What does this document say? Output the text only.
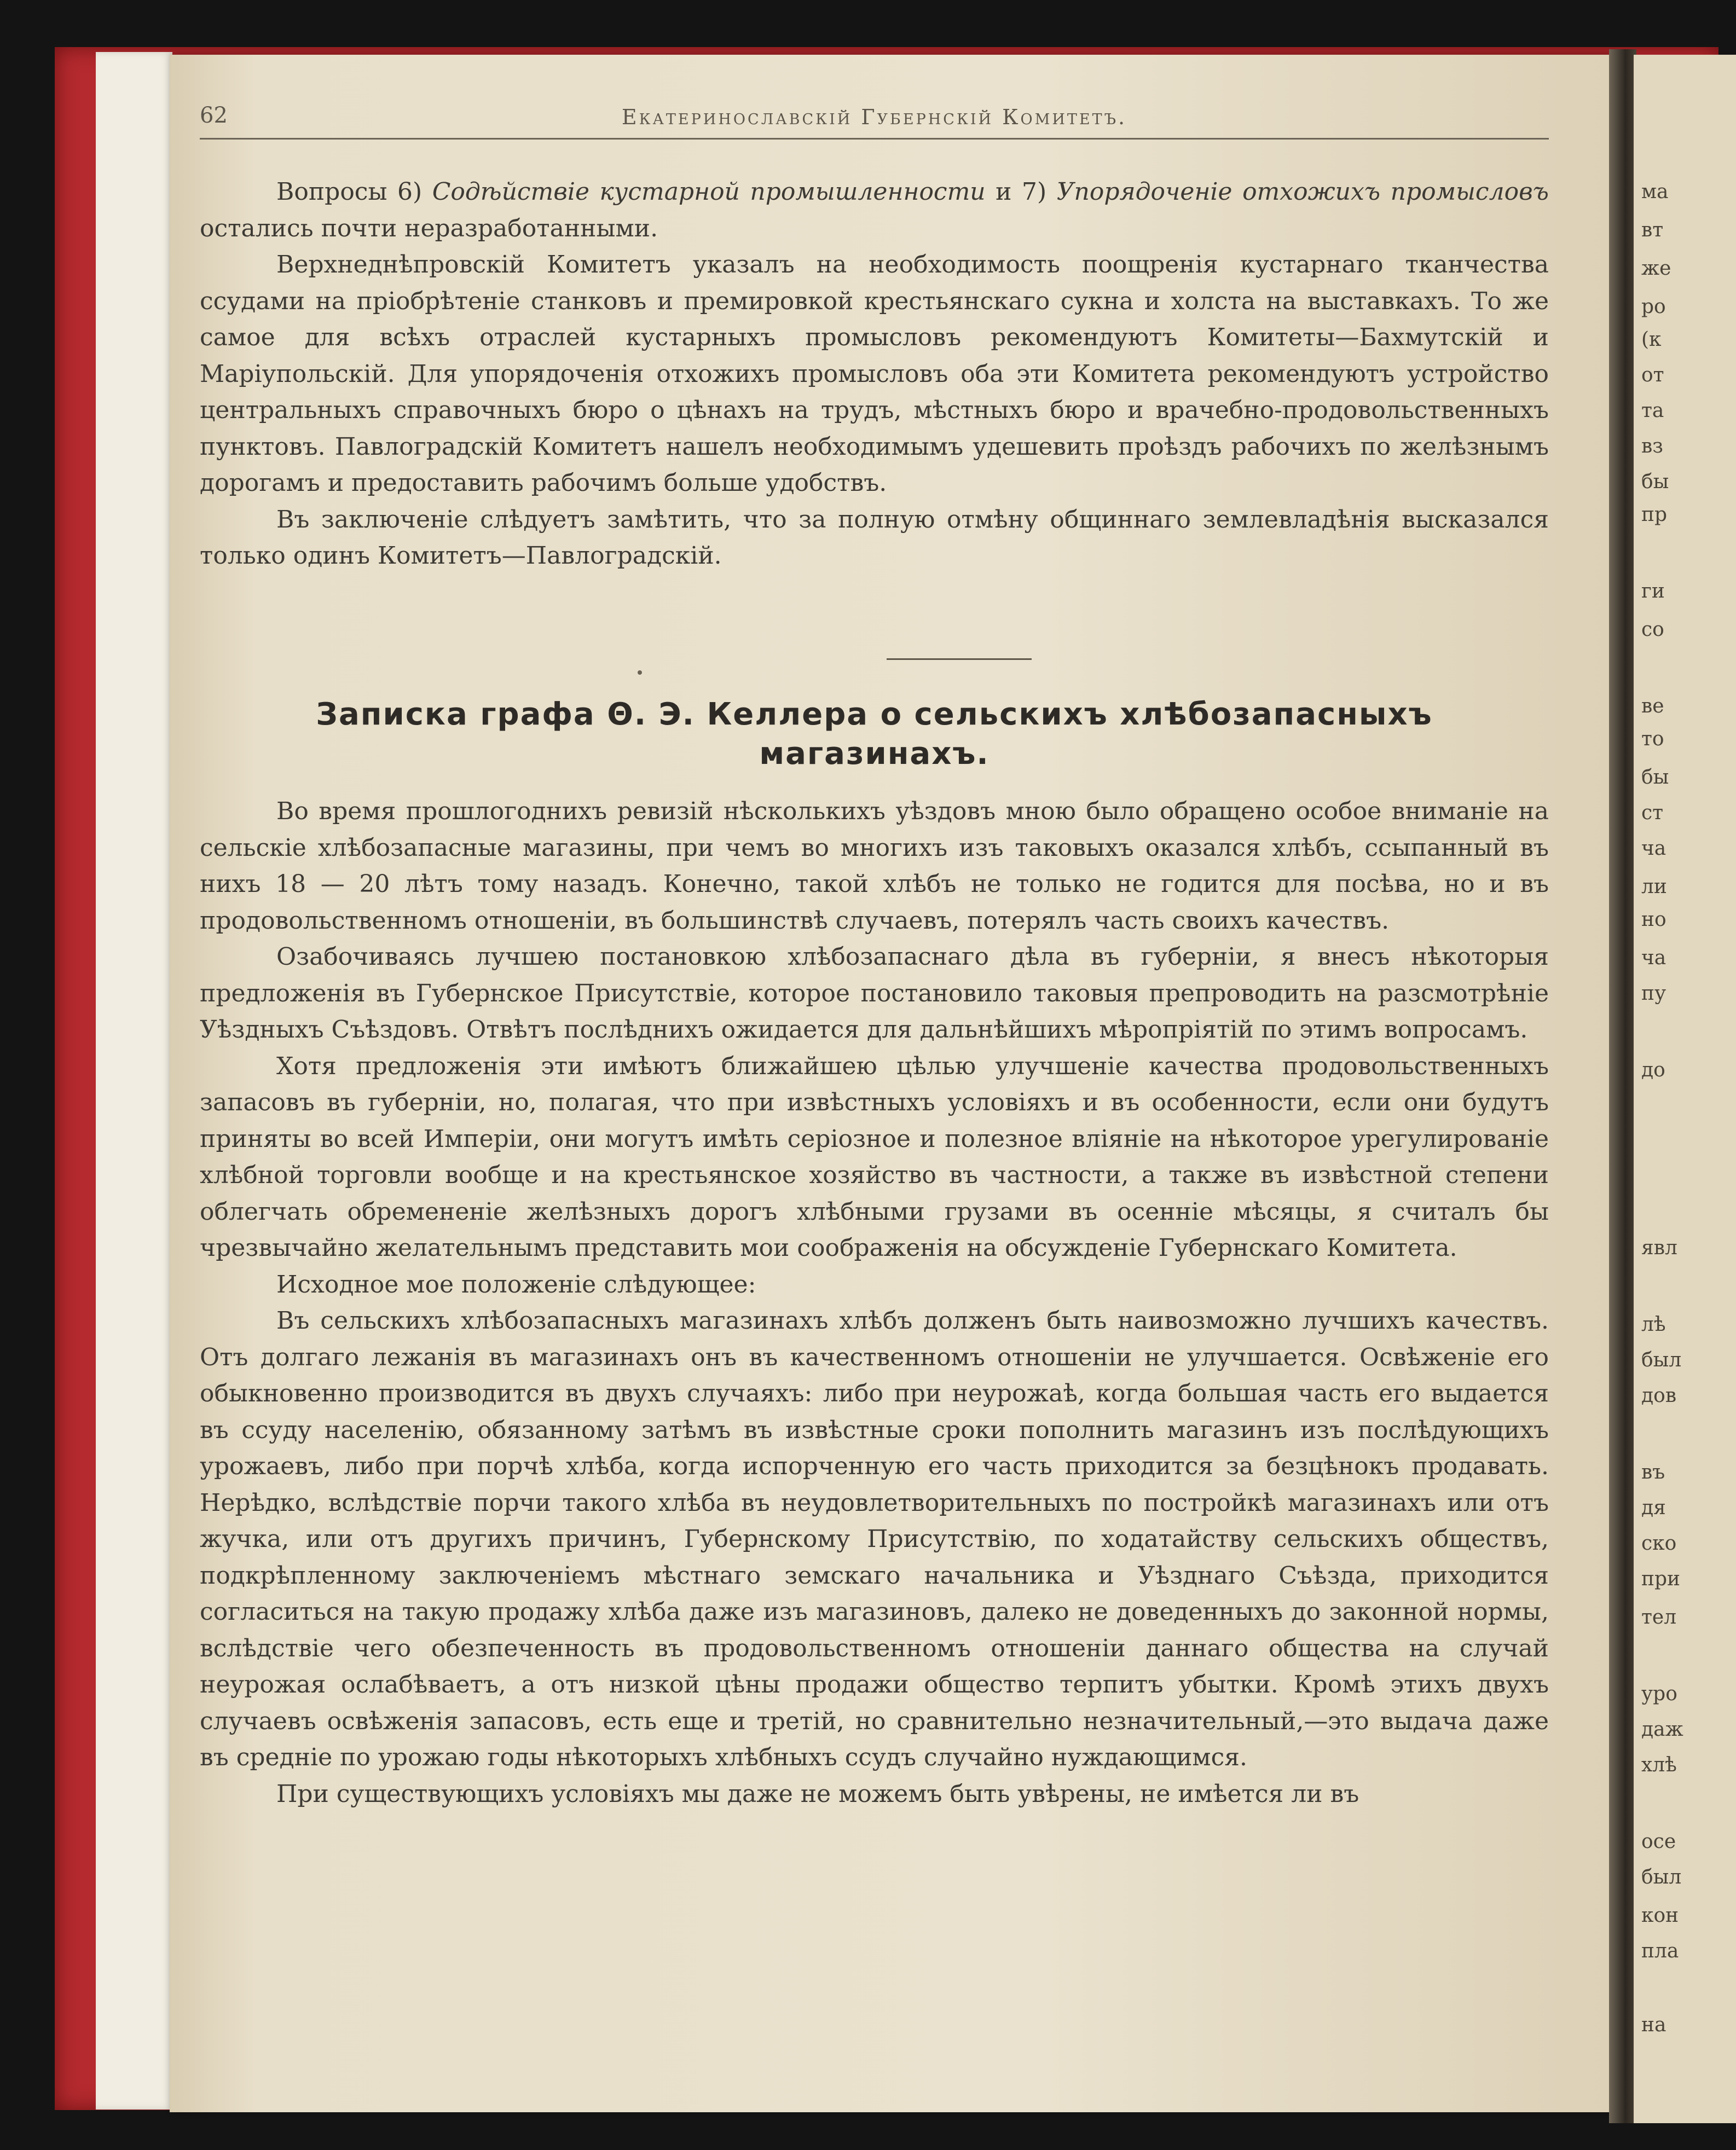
62	Екатеринославскій Губернскій Комитетъ.

Вопросы 6) Содѣйствіе кустарной промышленности и 7) Упорядоченіе отхожихъ промысловъ остались почти неразработанными.

Верхнеднѣпровскій Комитетъ указалъ на необходимость поощренія кустарнаго тканчества ссудами на пріобрѣтеніе станковъ и премировкой крестьянскаго сукна и холста на выставкахъ. То же самое для всѣхъ отраслей кустарныхъ промысловъ рекомендуютъ Комитеты—Бахмутскій и Маріупольскій. Для упорядоченія отхожихъ промысловъ оба эти Комитета рекомендуютъ устройство центральныхъ справочныхъ бюро о цѣнахъ на трудъ, мѣстныхъ бюро и врачебно-продовольственныхъ пунктовъ. Павлоградскій Комитетъ нашелъ необходимымъ удешевить проѣздъ рабочихъ по желѣзнымъ дорогамъ и предоставить рабочимъ больше удобствъ.

Въ заключеніе слѣдуетъ замѣтить, что за полную отмѣну общиннаго землевладѣнія высказался только одинъ Комитетъ—Павлоградскій.

Записка графа Θ. Э. Келлера о сельскихъ хлѣбозапасныхъ
магазинахъ.

Во время прошлогоднихъ ревизій нѣсколькихъ уѣздовъ мною было обращено особое вниманіе на сельскіе хлѣбозапасные магазины, при чемъ во многихъ изъ таковыхъ оказался хлѣбъ, ссыпанный въ нихъ 18 — 20 лѣтъ тому назадъ. Конечно, такой хлѣбъ не только не годится для посѣва, но и въ продовольственномъ отношеніи, въ большинствѣ случаевъ, потерялъ часть своихъ качествъ.

Озабочиваясь лучшею постановкою хлѣбозапаснаго дѣла въ губерніи, я внесъ нѣкоторыя предложенія въ Губернское Присутствіе, которое постановило таковыя препроводить на разсмотрѣніе Уѣздныхъ Съѣздовъ. Отвѣтъ послѣднихъ ожидается для дальнѣйшихъ мѣропріятій по этимъ вопросамъ.

Хотя предложенія эти имѣютъ ближайшею цѣлью улучшеніе качества продовольственныхъ запасовъ въ губерніи, но, полагая, что при извѣстныхъ условіяхъ и въ особенности, если они будутъ приняты во всей Имперіи, они могутъ имѣть серіозное и полезное вліяніе на нѣкоторое урегулированіе хлѣбной торговли вообще и на крестьянское хозяйство въ частности, а также въ извѣстной степени облегчать обремененіе желѣзныхъ дорогъ хлѣбными грузами въ осенніе мѣсяцы, я считалъ бы чрезвычайно желательнымъ представить мои соображенія на обсужденіе Губернскаго Комитета.

Исходное мое положеніе слѣдующее:

Въ сельскихъ хлѣбозапасныхъ магазинахъ хлѣбъ долженъ быть наивозможно лучшихъ качествъ. Отъ долгаго лежанія въ магазинахъ онъ въ качественномъ отношеніи не улучшается. Освѣженіе его обыкновенно производится въ двухъ случаяхъ: либо при неурожаѣ, когда большая часть его выдается въ ссуду населенію, обязанному затѣмъ въ извѣстные сроки пополнить магазинъ изъ послѣдующихъ урожаевъ, либо при порчѣ хлѣба, когда испорченную его часть приходится за безцѣнокъ продавать. Нерѣдко, вслѣдствіе порчи такого хлѣба въ неудовлетворительныхъ по постройкѣ магазинахъ или отъ жучка, или отъ другихъ причинъ, Губернскому Присутствію, по ходатайству сельскихъ обществъ, подкрѣпленному заключеніемъ мѣстнаго земскаго начальника и Уѣзднаго Съѣзда, приходится согласиться на такую продажу хлѣба даже изъ магазиновъ, далеко не доведенныхъ до законной нормы, вслѣдствіе чего обезпеченность въ продовольственномъ отношеніи даннаго общества на случай неурожая ослабѣваетъ, а отъ низкой цѣны продажи общество терпитъ убытки. Кромѣ этихъ двухъ случаевъ освѣженія запасовъ, есть еще и третій, но сравнительно незначительный,—это выдача даже въ средніе по урожаю годы нѣкоторыхъ хлѣбныхъ ссудъ случайно нуждающимся.

При существующихъ условіяхъ мы даже не можемъ быть увѣрены, не имѣется ли въ

ма
вт
же
ро
(к
от
та
вз
бы
пр
ги
со
ве
то
бы
ст
ча
ли
но
ча
пу
до
явл
лѣ
был
дов
въ
дя
ско
при
тел
уро
даж
хлѣ
осе
был
кон
пла
на
